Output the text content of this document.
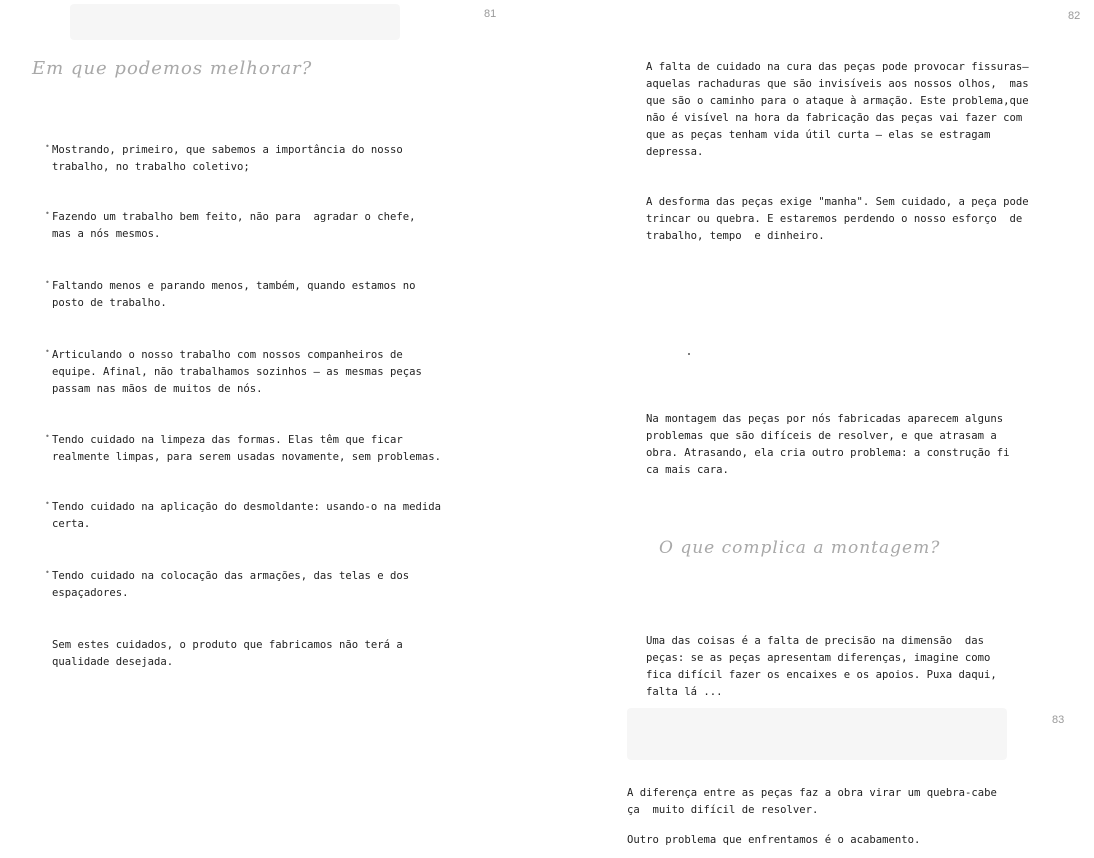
81
Em que podemos melhorar?
• Mostrando, primeiro, que sabemos a importância do nosso
trabalho, no trabalho coletivo;
• Fazendo um trabalho bem feito, não para  agradar o chefe,
mas a nós mesmos.
• Faltando menos e parando menos, também, quando estamos no
posto de trabalho.
• Articulando o nosso trabalho com nossos companheiros de
equipe. Afinal, não trabalhamos sozinhos — as mesmas peças
passam nas mãos de muitos de nós.
• Tendo cuidado na limpeza das formas. Elas têm que ficar
realmente limpas, para serem usadas novamente, sem problemas.
• Tendo cuidado na aplicação do desmoldante: usando-o na medida
certa.
• Tendo cuidado na colocação das armações, das telas e dos
espaçadores.
Sem estes cuidados, o produto que fabricamos não terá a
qualidade desejada.
82
A falta de cuidado na cura das peças pode provocar fissuras—
aquelas rachaduras que são invisíveis aos nossos olhos,  mas
que são o caminho para o ataque à armação. Este problema,que
não é visível na hora da fabricação das peças vai fazer com
que as peças tenham vida útil curta — elas se estragam
depressa.
A desforma das peças exige "manha". Sem cuidado, a peça pode
trincar ou quebra. E estaremos perdendo o nosso esforço  de
trabalho, tempo  e dinheiro.
Na montagem das peças por nós fabricadas aparecem alguns
problemas que são difíceis de resolver, e que atrasam a
obra. Atrasando, ela cria outro problema: a construção fi
ca mais cara.
O que complica a montagem?
Uma das coisas é a falta de precisão na dimensão  das
peças: se as peças apresentam diferenças, imagine como
fica difícil fazer os encaixes e os apoios. Puxa daqui,
falta lá ...
83
A diferença entre as peças faz a obra virar um quebra-cabe
ça  muito difícil de resolver.
Outro problema que enfrentamos é o acabamento.
